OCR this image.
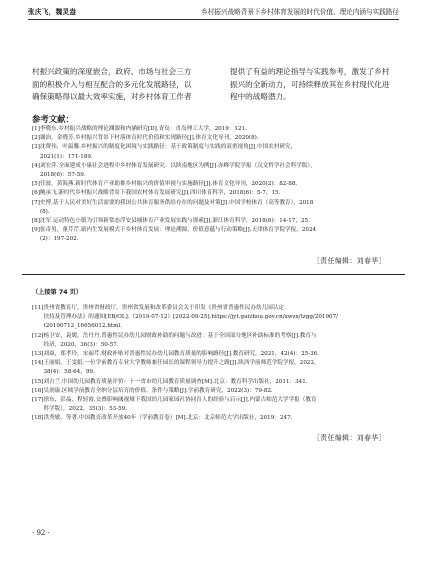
张庆飞，魏灵盎	乡村振兴战略背景下乡村体育发展的时代价值、理论内涵与实践路径
村振兴政策的深度嵌合，政府、市场与社会三方
面的积极介入与相互配合的多元化发展路径，以
确保策略得以最大效率实施，对乡村体育工作者
提供了有益的理论指导与实践参考，激发了乡村
振兴的全新动力，可持续释放其在乡村现代化进
程中的战略潜力。
参考文献：
[1] 李晓东.乡村振兴战略的理论渊源和内涵研究[D].青岛：青岛理工大学，2019：121.
[2] 谢治，金晓芳.乡村振兴背景下村落体育时代价值和实现路径[J].体育文化导刊，2020(8).
[3] 沈费伟，叶温馨.乡村振兴的制度化困境与实践路径：基于政策制度与实践的双重视角[J].中国农村研究，
2021(1)：171-189.
[4] 刘宏萍.全面建成小康社会进程中乡村体育发展研究：以陕南地区为例[J].赤峰学院学报（汉文哲学社会科学版），
2018(6)：57-59.
[5] 任波，黄海燕.新时代体育产业助推乡村振兴的价值审视与实施路径[J].体育文化导刊，2020(2)：82-88.
[6] 鲍承飞.新时代乡村振兴战略背景下我国农村体育发展研究[J].四川体育科学，2018(6)：5-7，15.
[7] 史博.基于人民对美好生活需要的我国公共体育服务供给存在的问题及对策[J].中国学校体育（高等教育），2018
(8).
[8] 沈军.运动特色小镇为引领新常态浮安县城体育产业发展实践与探索[J].浙江体育科学，2018(6)：14-17，25.
[9] 张奇男，董芹芹.新内生发展模式下乡村体育发展：理论溯源、价值意蕴与行动策略[J].天津体育学院学报，2024
(2)：197-202.
［责任编辑：刘春华］
（上接第 74 页）
[11] 贵州省教育厅，贵州省财政厅，贵州省发展和改革委员会关于印发《贵州省普惠性民办幼儿园认定
扶持及管理办法》的通知[EB/OL].（2019-07-12）[2022-09-25].https://jyt.guizhou.gov.cn/xwzx/tzgg/201907/
t20190712_16656012.html.
[12] 杨卫安，袁媛，岳丹丹.普惠性民办幼儿园财政补助的问题与改进：基于全国部分地区补助标准的考察[J].教育与
经济，2020，36(3)：50-57.
[13] 刘焱，郑孝玲，宋丽芹.财政补贴对普惠性民办幼儿园教育质量的影响路径[J].教育研究，2021，42(4)：25-36.
[14] 王丽娟，王雯娟.一位学前教育专业大学教师兼任园长的课程领导力提升之路[J].陕西学前师范学院学报，2022，
38(4)：58-64，99.
[15] 刘占兰.中国幼儿园教育质量评价：十一省市幼儿园教育质量调查[M].北京：教育科学出版社，2011：341.
[16] 吴润康.区域学前教育全纳分层培育的价值、条件与策略[J].学前教育研究，2022(3)：79-82.
[17] 徐东，彭晶，程轻霞.交叠影响阈视域下我国幼儿园家园社协同育人的经验与启示[J].内蒙古师范大学学报（教育
科学版），2022，35(3)：53-59.
[18] 洪秀敏，等著.中国教育改革开放40年（学前教育卷）[M].北京：北京师范大学出版社，2019：247.
［责任编辑：刘春华］
· 92 ·
